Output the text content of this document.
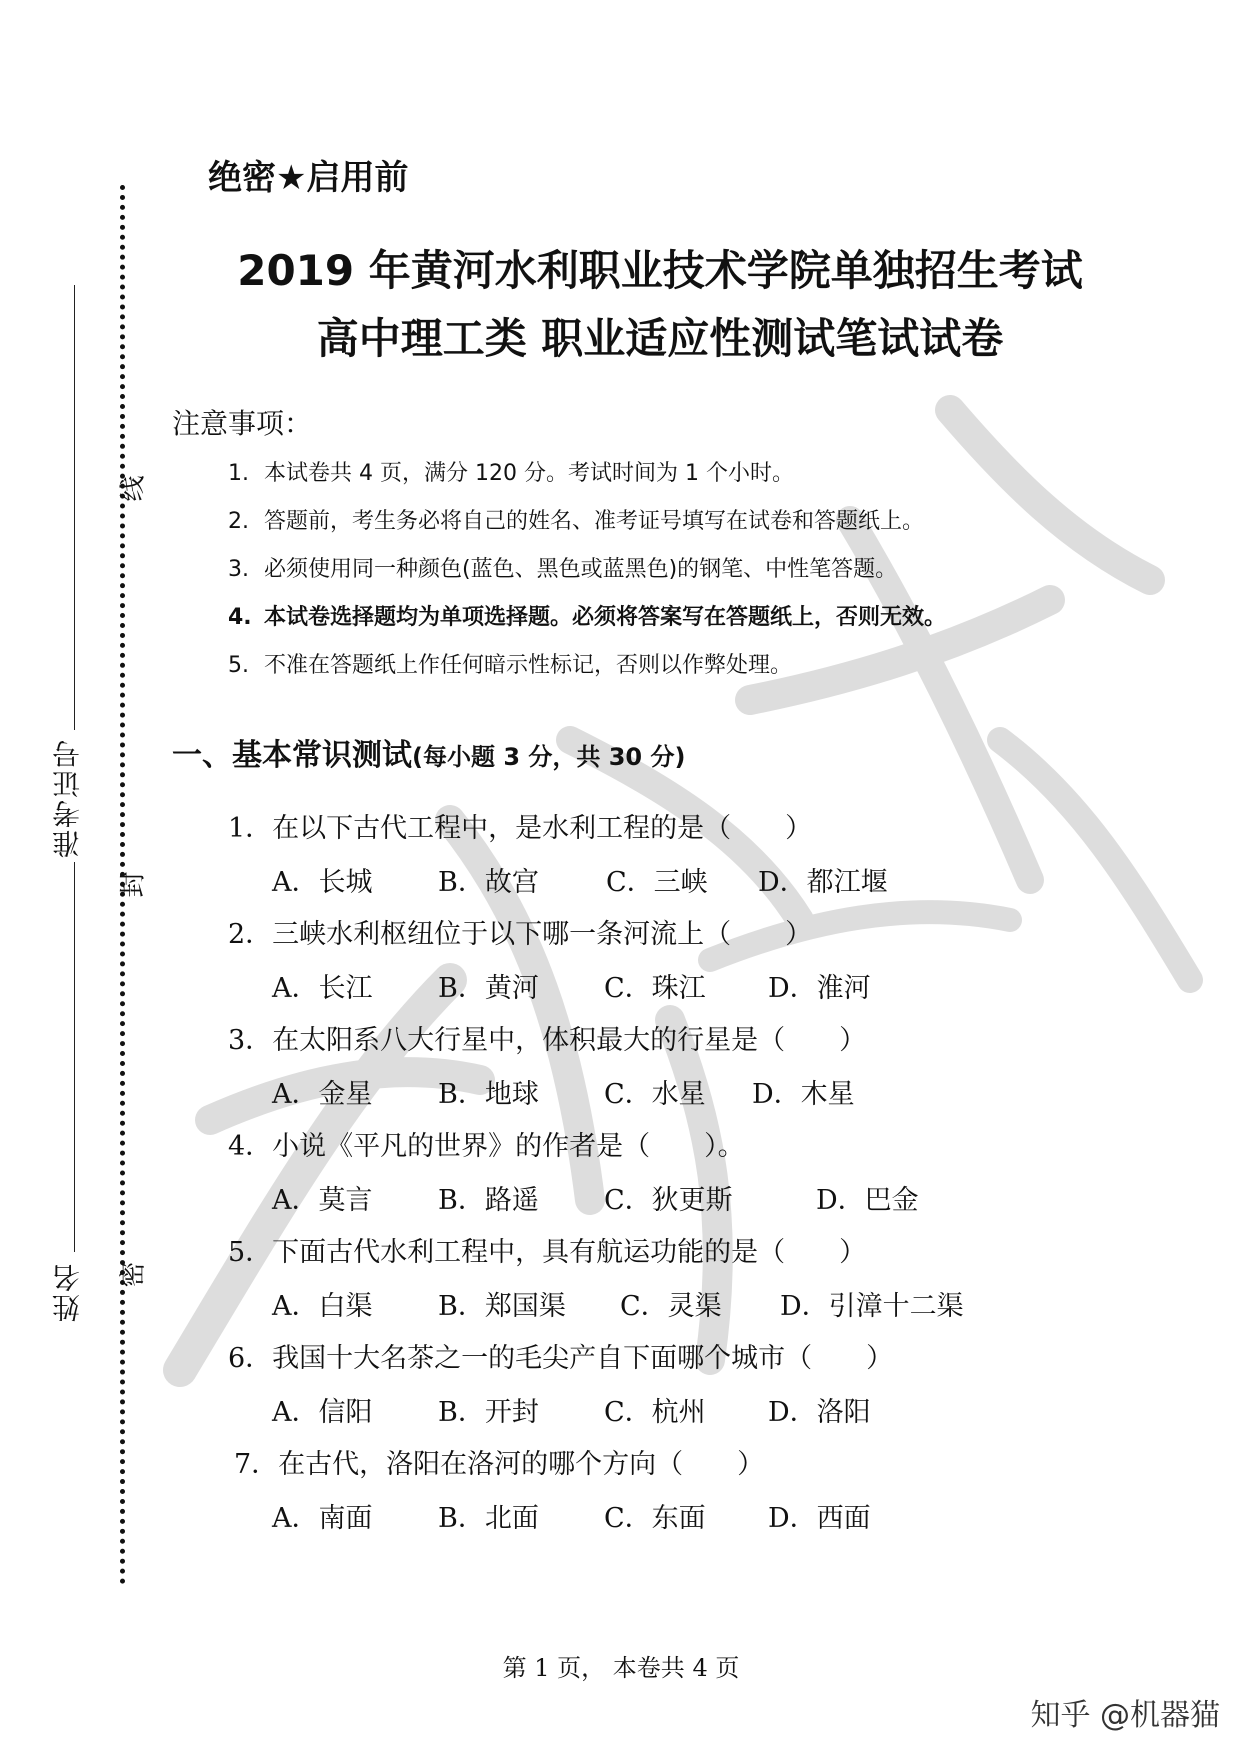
准考证号
姓名
线
封
密
绝密★启用前
2019 年黄河水利职业技术学院单独招生考试
高中理工类 职业适应性测试笔试试卷
注意事项：
1. 本试卷共 4 页，满分 120 分。考试时间为 1 个小时。
2. 答题前，考生务必将自己的姓名、准考证号填写在试卷和答题纸上。
3. 必须使用同一种颜色(蓝色、黑色或蓝黑色)的钢笔、中性笔答题。
4. 本试卷选择题均为单项选择题。必须将答案写在答题纸上，否则无效。
5. 不准在答题纸上作任何暗示性标记，否则以作弊处理。
一、基本常识测试(每小题 3 分，共 30 分)
1．在以下古代工程中，是水利工程的是（　　）
A．长城 B．故宫 C．三峡 D．都江堰
2．三峡水利枢纽位于以下哪一条河流上（　　）
A．长江 B．黄河 C．珠江 D．淮河
3．在太阳系八大行星中，体积最大的行星是（　　）
A．金星 B．地球 C．水星 D．木星
4．小说《平凡的世界》的作者是（　　）。
A．莫言 B．路遥 C．狄更斯	D．巴金
5．下面古代水利工程中，具有航运功能的是（　　）
A．白渠 B．郑国渠 C．灵渠 D．引漳十二渠
6．我国十大名茶之一的毛尖产自下面哪个城市（　　）
A．信阳 B．开封 C．杭州 D．洛阳
7．在古代，洛阳在洛河的哪个方向（　　）
A．南面 B．北面 C．东面 D．西面
第 1 页， 本卷共 4 页
知乎 @机器猫
